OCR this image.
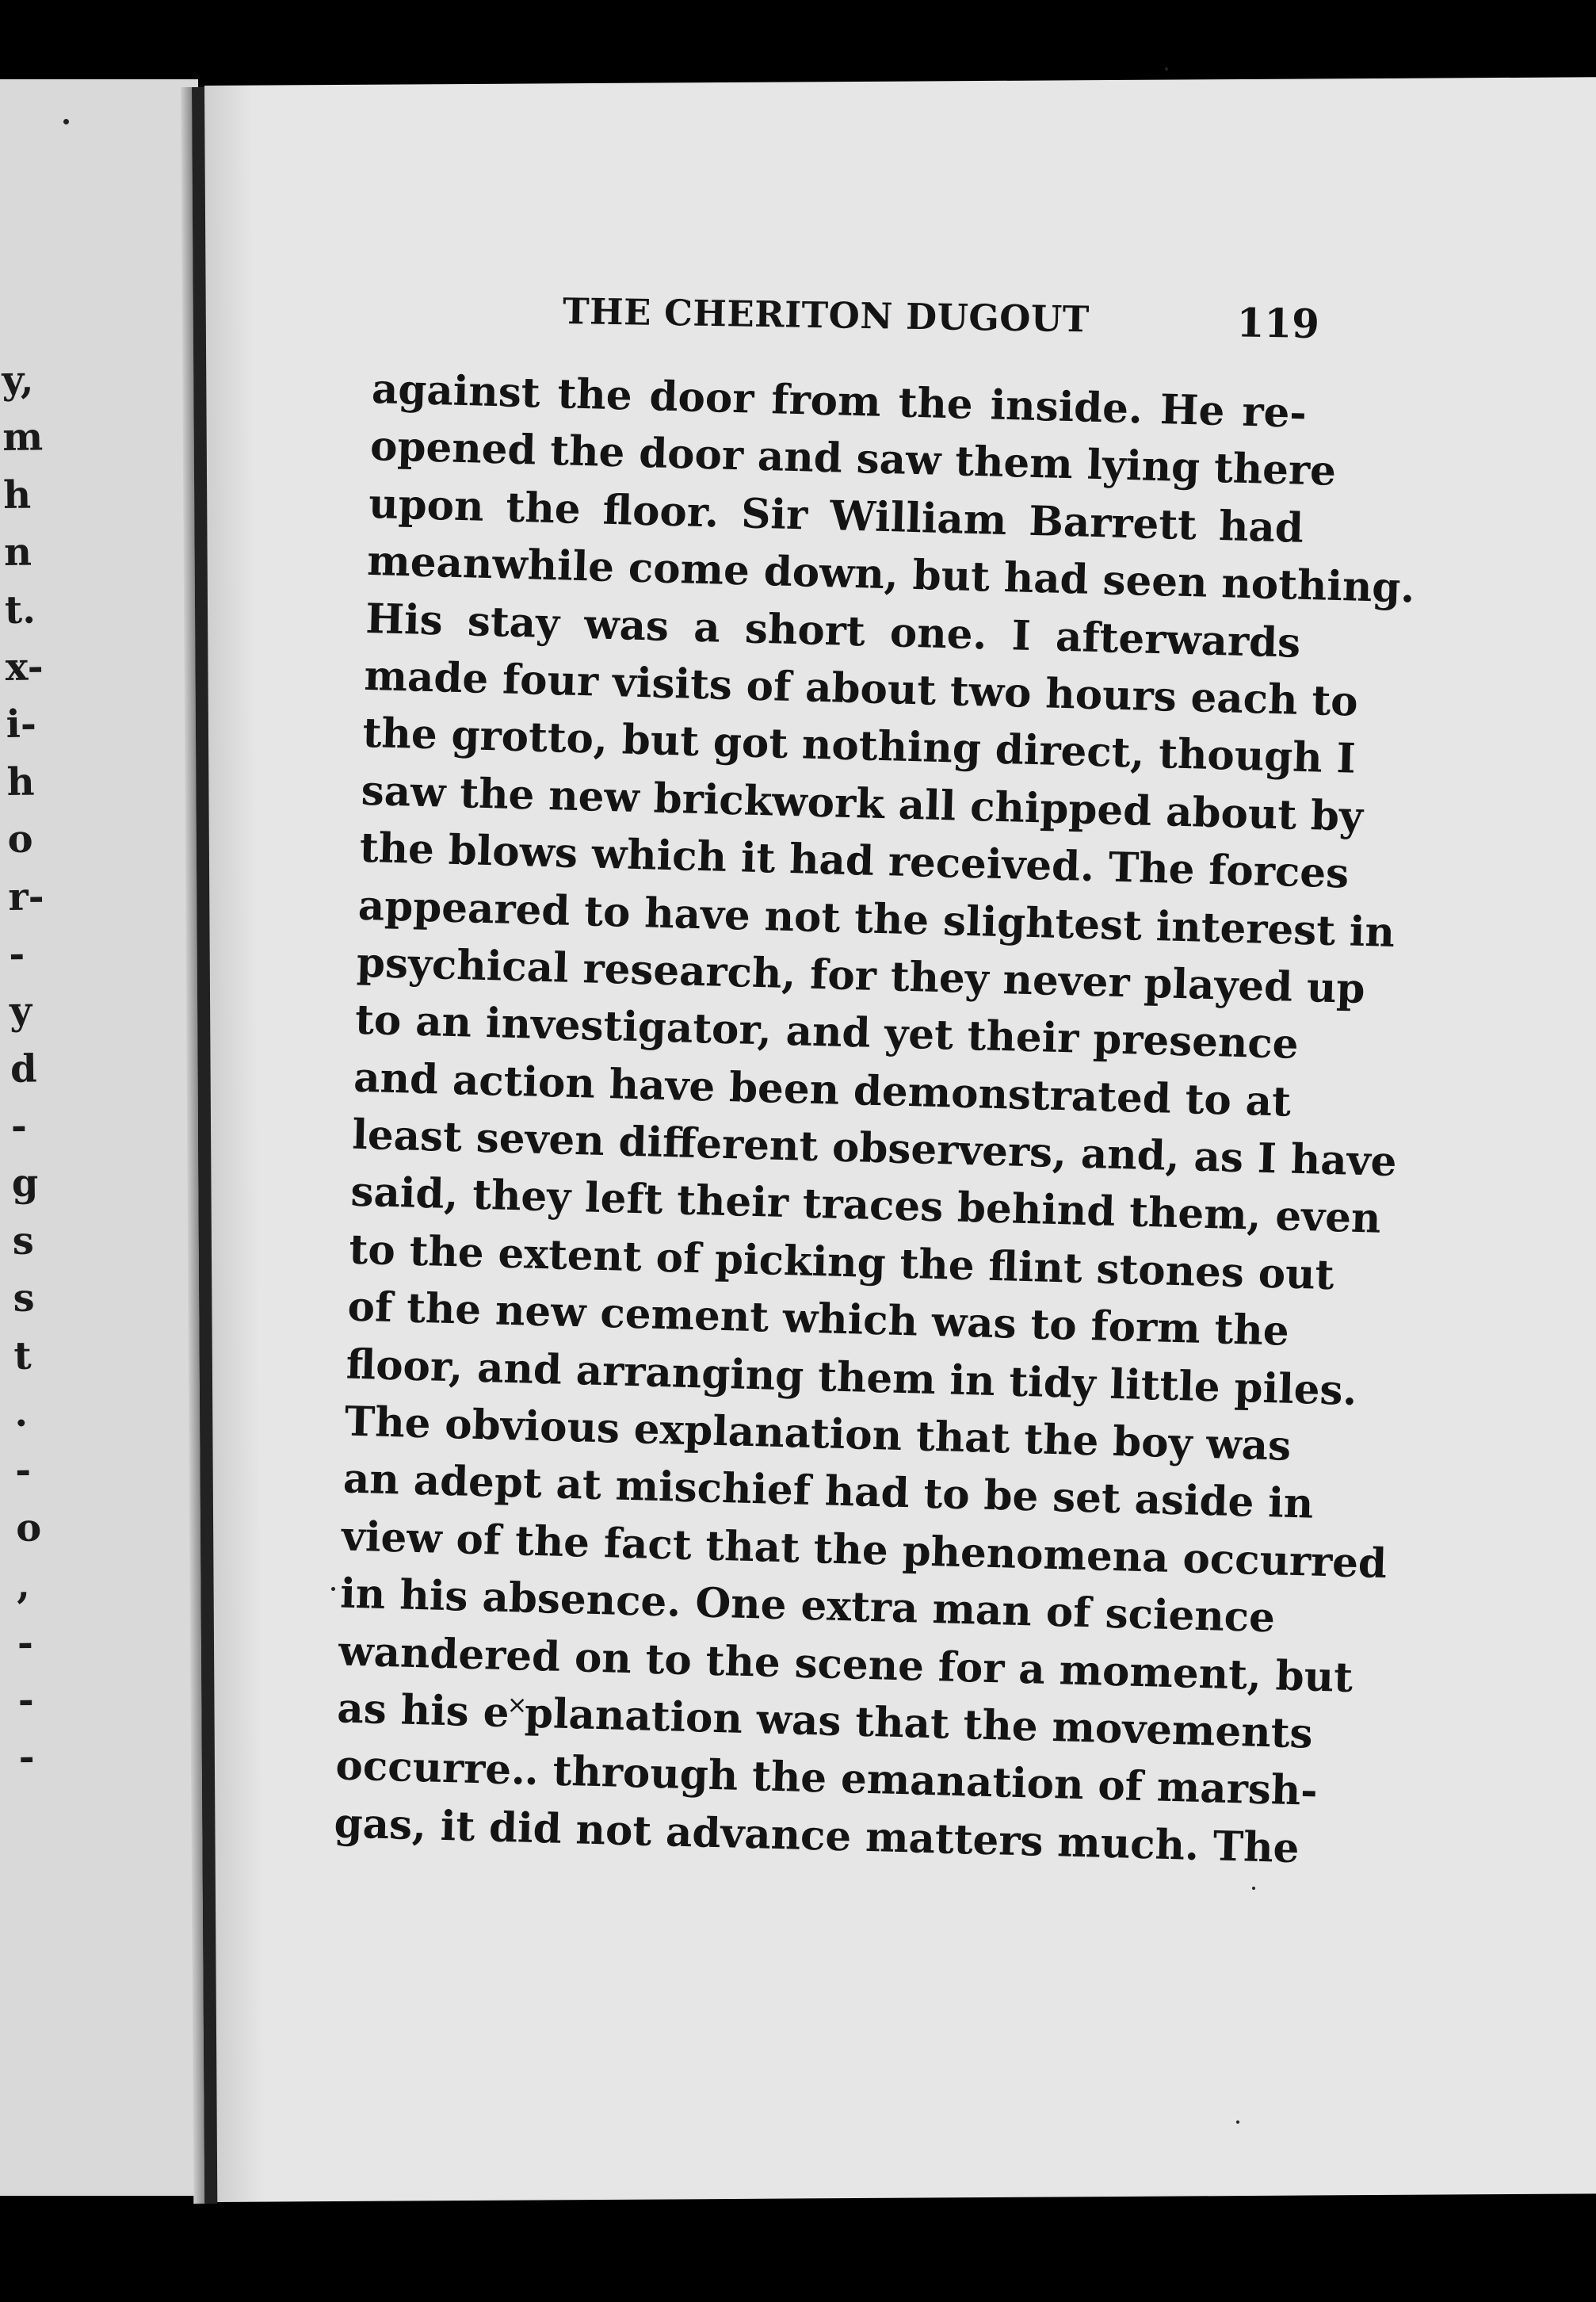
y,
m
h
n
t.
x-
i-
h
o
r-
-
y
d
-
g
s
s
t
.
-
o
,
-
-
-
THE CHERITON DUGOUT	119
against the door from the inside. He re-
opened the door and saw them lying there
upon the floor. Sir William Barrett had
meanwhile come down, but had seen nothing.
His stay was a short one. I afterwards
made four visits of about two hours each to
the grotto, but got nothing direct, though I
saw the new brickwork all chipped about by
the blows which it had received. The forces
appeared to have not the slightest interest in
psychical research, for they never played up
to an investigator, and yet their presence
and action have been demonstrated to at
least seven different observers, and, as I have
said, they left their traces behind them, even
to the extent of picking the flint stones out
of the new cement which was to form the
floor, and arranging them in tidy little piles.
The obvious explanation that the boy was
an adept at mischief had to be set aside in
view of the fact that the phenomena occurred
in his absence. One extra man of science
wandered on to the scene for a moment, but
as his e˟planation was that the movements
occurre‥ through the emanation of marsh-
gas, it did not advance matters much. The
